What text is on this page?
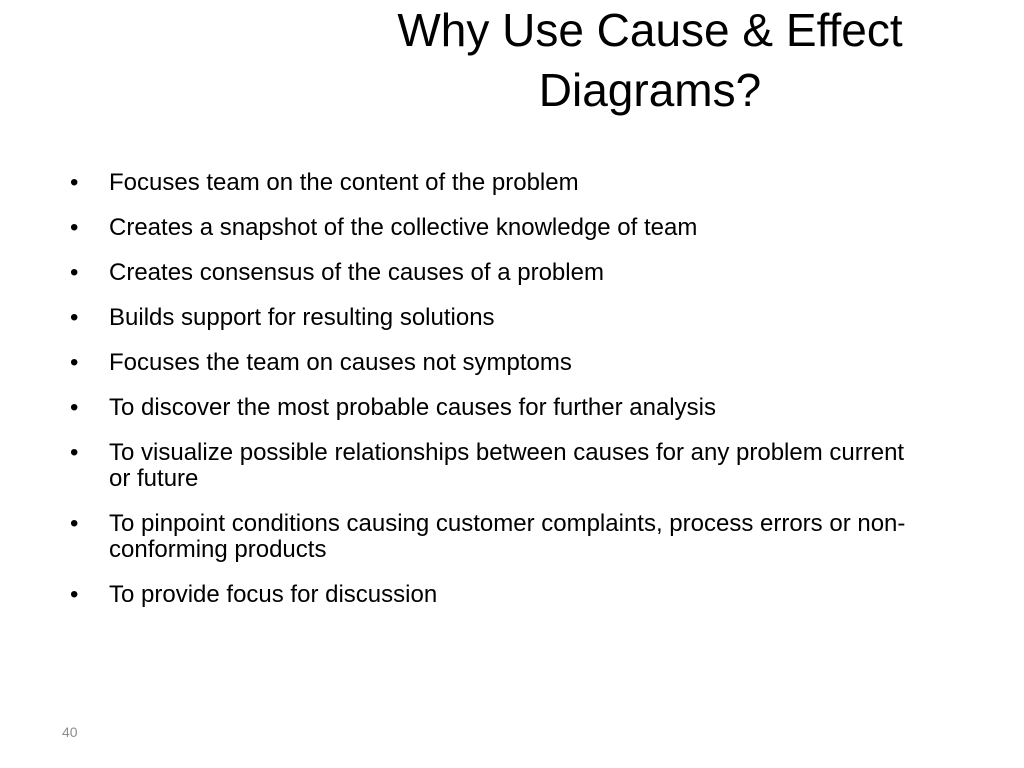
Why Use Cause & Effect
Diagrams?
• Focuses team on the content of the problem
• Creates a snapshot of the collective knowledge of team
• Creates consensus of the causes of a problem
• Builds support for resulting solutions
• Focuses the team on causes not symptoms
• To discover the most probable causes for further analysis
• To visualize possible relationships between causes for any problem current or future
• To pinpoint conditions causing customer complaints, process errors or non-conforming products
• To provide focus for discussion
40
